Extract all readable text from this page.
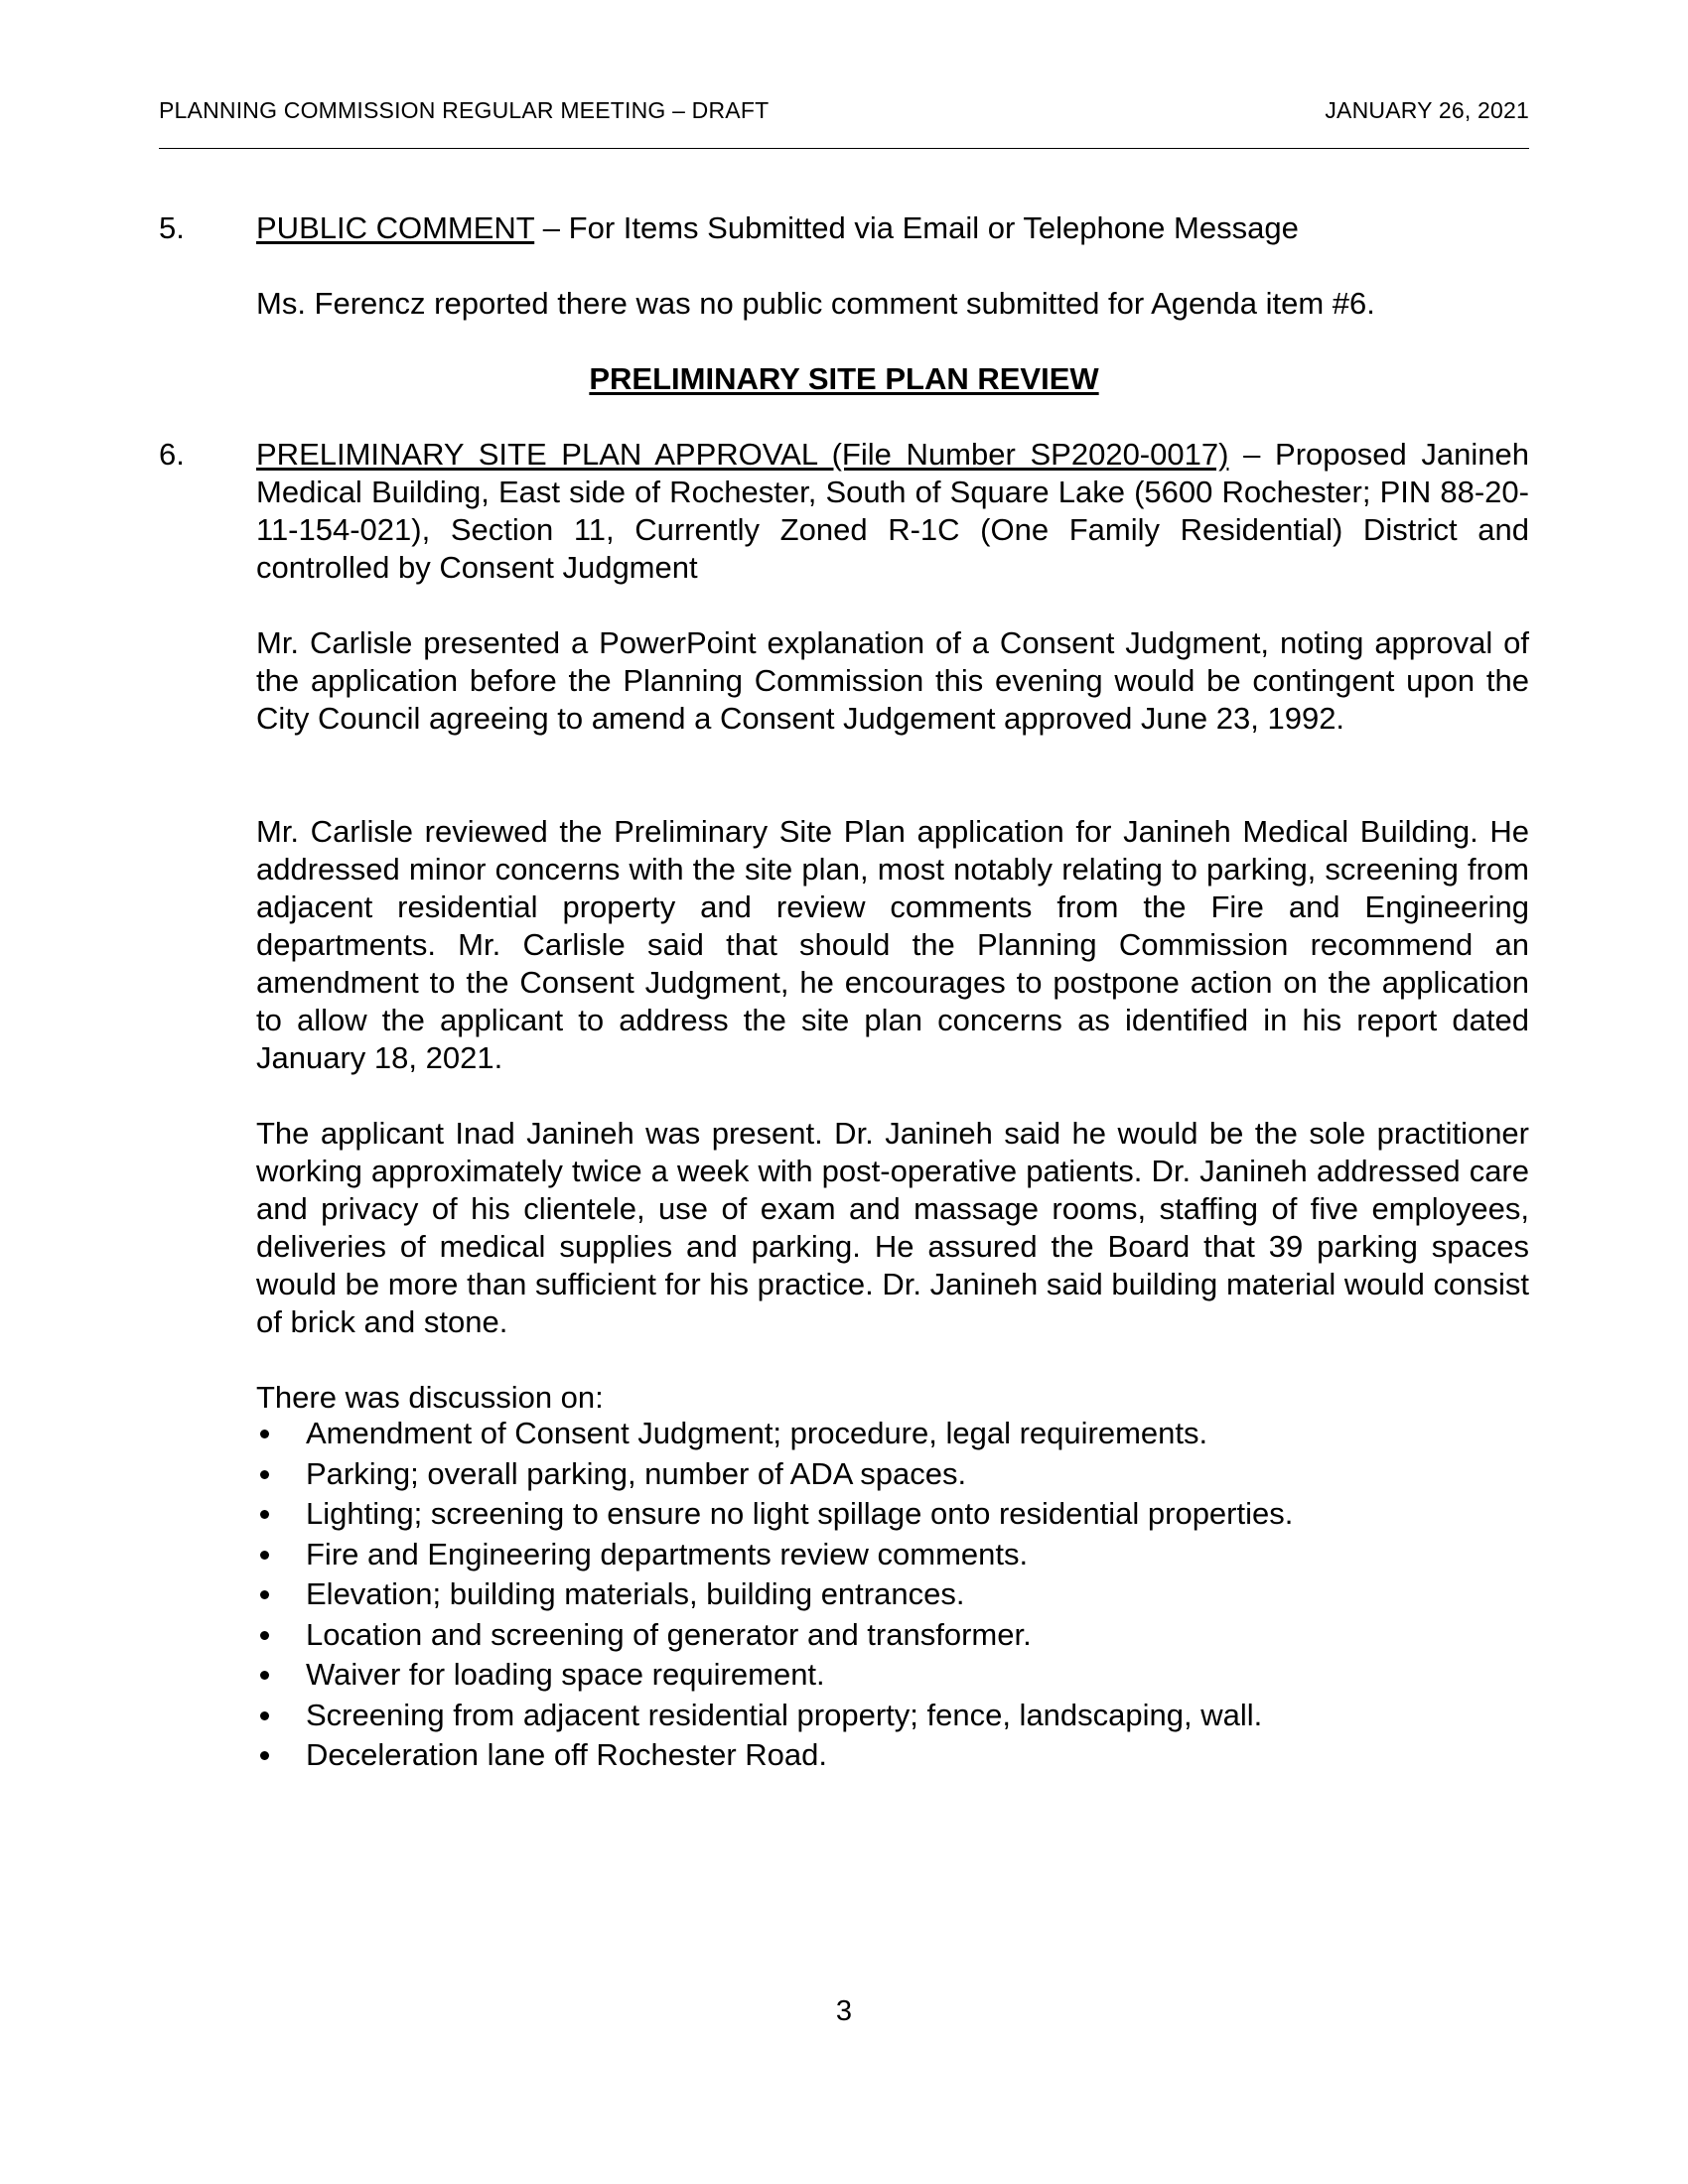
PLANNING COMMISSION REGULAR MEETING – DRAFT	JANUARY 26, 2021
5. PUBLIC COMMENT – For Items Submitted via Email or Telephone Message
Ms. Ferencz reported there was no public comment submitted for Agenda item #6.
PRELIMINARY SITE PLAN REVIEW
6. PRELIMINARY SITE PLAN APPROVAL (File Number SP2020-0017) – Proposed Janineh Medical Building, East side of Rochester, South of Square Lake (5600 Rochester; PIN 88-20-11-154-021), Section 11, Currently Zoned R-1C (One Family Residential) District and controlled by Consent Judgment
Mr. Carlisle presented a PowerPoint explanation of a Consent Judgment, noting approval of the application before the Planning Commission this evening would be contingent upon the City Council agreeing to amend a Consent Judgement approved June 23, 1992.
Mr. Carlisle reviewed the Preliminary Site Plan application for Janineh Medical Building. He addressed minor concerns with the site plan, most notably relating to parking, screening from adjacent residential property and review comments from the Fire and Engineering departments. Mr. Carlisle said that should the Planning Commission recommend an amendment to the Consent Judgment, he encourages to postpone action on the application to allow the applicant to address the site plan concerns as identified in his report dated January 18, 2021.
The applicant Inad Janineh was present. Dr. Janineh said he would be the sole practitioner working approximately twice a week with post-operative patients. Dr. Janineh addressed care and privacy of his clientele, use of exam and massage rooms, staffing of five employees, deliveries of medical supplies and parking. He assured the Board that 39 parking spaces would be more than sufficient for his practice. Dr. Janineh said building material would consist of brick and stone.
There was discussion on:
Amendment of Consent Judgment; procedure, legal requirements.
Parking; overall parking, number of ADA spaces.
Lighting; screening to ensure no light spillage onto residential properties.
Fire and Engineering departments review comments.
Elevation; building materials, building entrances.
Location and screening of generator and transformer.
Waiver for loading space requirement.
Screening from adjacent residential property; fence, landscaping, wall.
Deceleration lane off Rochester Road.
3
